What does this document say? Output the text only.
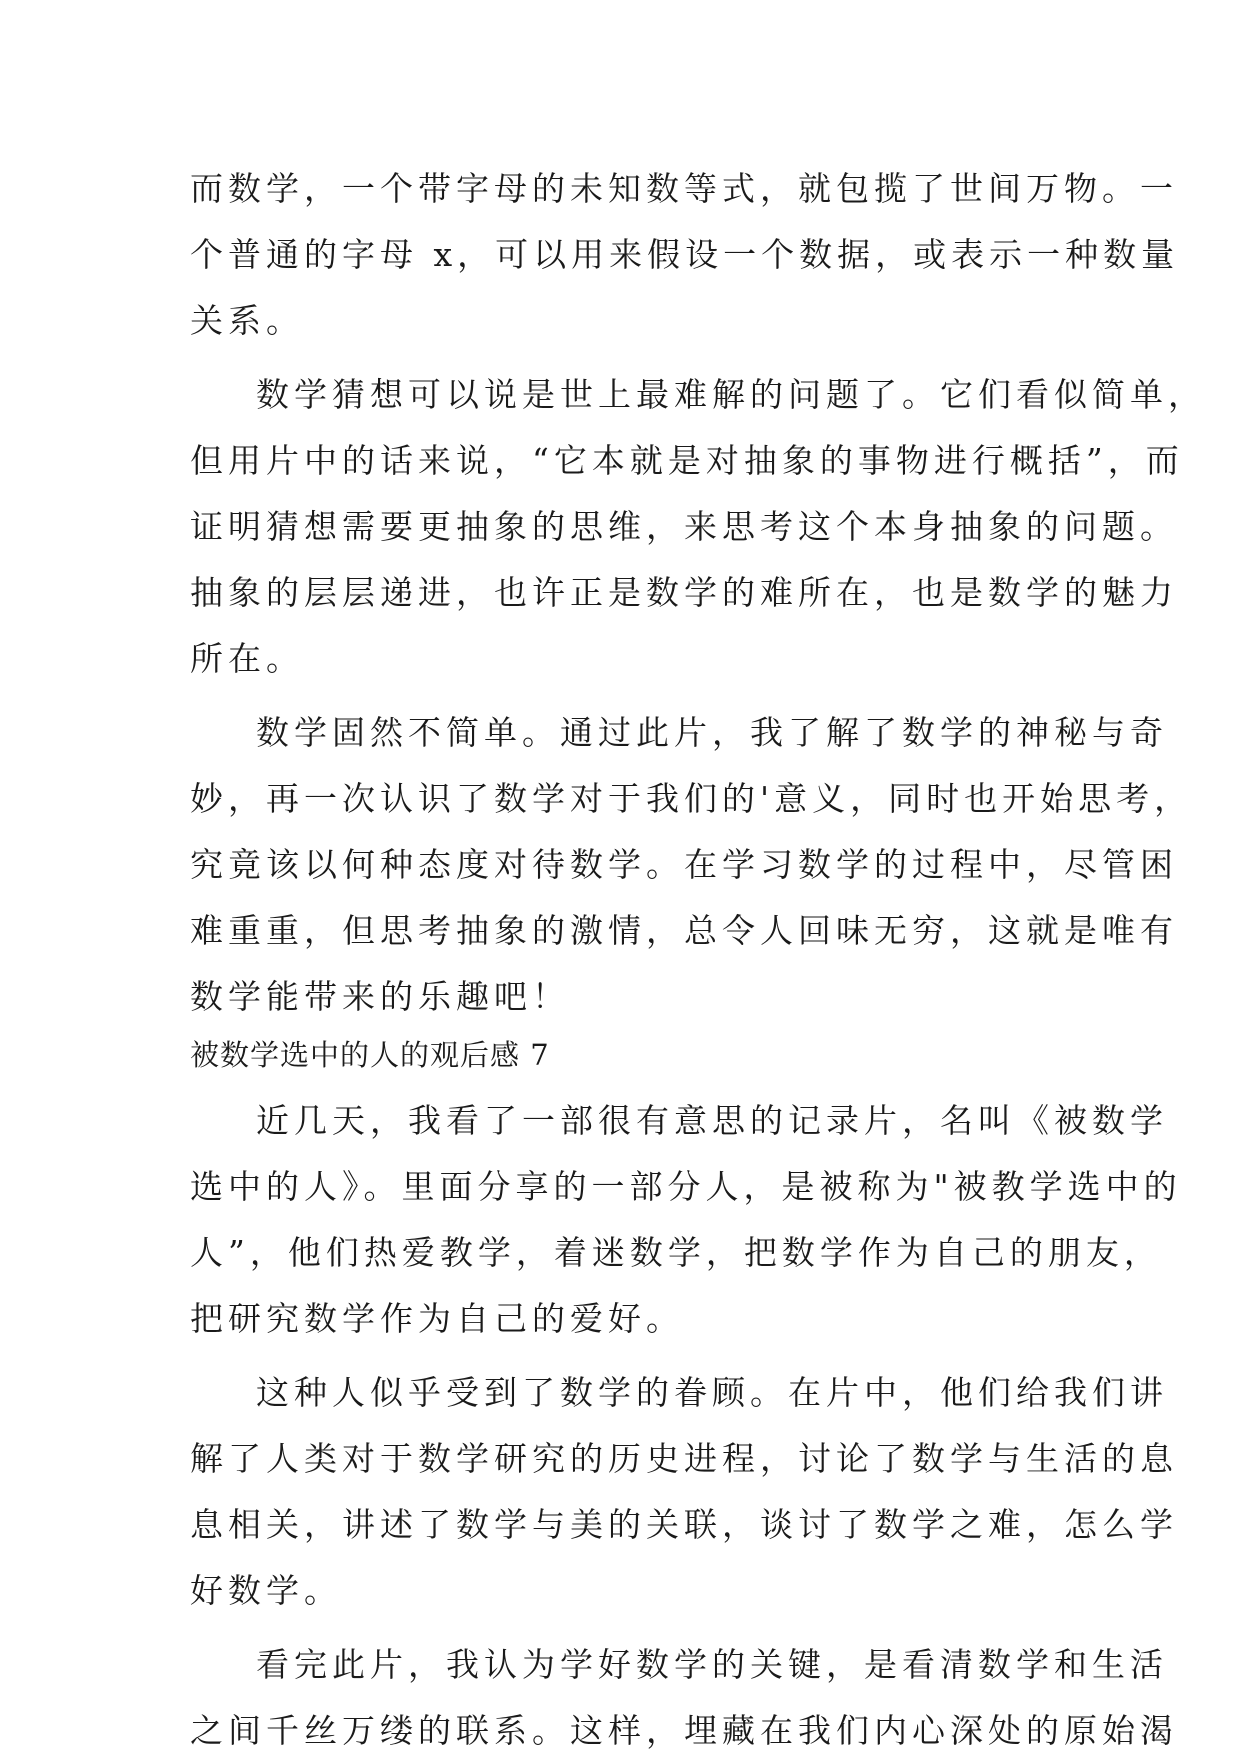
而数学，一个带字母的未知数等式，就包揽了世间万物。一
个普通的字母 x，可以用来假设一个数据，或表示一种数量
关系。
数学猜想可以说是世上最难解的问题了。它们看似简单，
但用片中的话来说，“它本就是对抽象的事物进行概括”，而
证明猜想需要更抽象的思维，来思考这个本身抽象的问题。
抽象的层层递进，也许正是数学的难所在，也是数学的魅力
所在。
数学固然不简单。通过此片，我了解了数学的神秘与奇
妙，再一次认识了数学对于我们的'意义，同时也开始思考，
究竟该以何种态度对待数学。在学习数学的过程中，尽管困
难重重，但思考抽象的激情，总令人回味无穷，这就是唯有
数学能带来的乐趣吧！
被数学选中的人的观后感 7
近几天，我看了一部很有意思的记录片，名叫《被数学
选中的人》。里面分享的一部分人，是被称为"被教学选中的
人”，他们热爱教学，着迷数学，把数学作为自己的朋友，
把研究数学作为自己的爱好。
这种人似乎受到了数学的眷顾。在片中，他们给我们讲
解了人类对于数学研究的历史进程，讨论了数学与生活的息
息相关，讲述了数学与美的关联，谈讨了数学之难，怎么学
好数学。
看完此片，我认为学好数学的关键，是看清数学和生活
之间千丝万缕的联系。这样，埋藏在我们内心深处的原始渴
